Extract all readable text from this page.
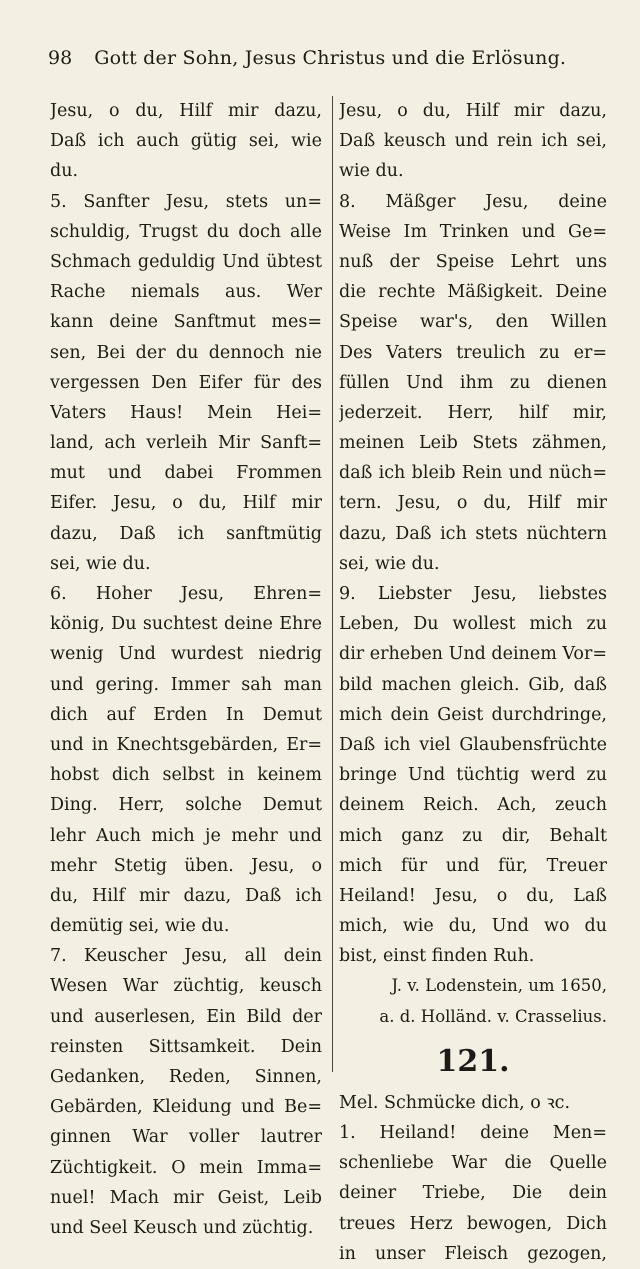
98 Gott der Sohn, Jesus Christus und die Erlösung.
Jesu, o du, Hilf mir dazu,
Daß ich auch gütig sei, wie
du.
5. Sanfter Jesu, stets un=
schuldig, Trugst du doch alle
Schmach geduldig Und übtest
Rache niemals aus. Wer
kann deine Sanftmut mes=
sen, Bei der du dennoch nie
vergessen Den Eifer für des
Vaters Haus! Mein Hei=
land, ach verleih Mir Sanft=
mut und dabei Frommen
Eifer. Jesu, o du, Hilf mir
dazu, Daß ich sanftmütig
sei, wie du.
6. Hoher Jesu, Ehren=
könig, Du suchtest deine Ehre
wenig Und wurdest niedrig
und gering. Immer sah man
dich auf Erden In Demut
und in Knechtsgebärden, Er=
hobst dich selbst in keinem
Ding. Herr, solche Demut
lehr Auch mich je mehr und
mehr Stetig üben. Jesu, o
du, Hilf mir dazu, Daß ich
demütig sei, wie du.
7. Keuscher Jesu, all dein
Wesen War züchtig, keusch
und auserlesen, Ein Bild der
reinsten Sittsamkeit. Dein
Gedanken, Reden, Sinnen,
Gebärden, Kleidung und Be=
ginnen War voller lautrer
Züchtigkeit. O mein Imma=
nuel! Mach mir Geist, Leib
und Seel Keusch und züchtig.
Jesu, o du, Hilf mir dazu,
Daß keusch und rein ich sei,
wie du.
8. Mäßger Jesu, deine
Weise Im Trinken und Ge=
nuß der Speise Lehrt uns
die rechte Mäßigkeit. Deine
Speise war's, den Willen
Des Vaters treulich zu er=
füllen Und ihm zu dienen
jederzeit. Herr, hilf mir,
meinen Leib Stets zähmen,
daß ich bleib Rein und nüch=
tern. Jesu, o du, Hilf mir
dazu, Daß ich stets nüchtern
sei, wie du.
9. Liebster Jesu, liebstes
Leben, Du wollest mich zu
dir erheben Und deinem Vor=
bild machen gleich. Gib, daß
mich dein Geist durchdringe,
Daß ich viel Glaubensfrüchte
bringe Und tüchtig werd zu
deinem Reich. Ach, zeuch
mich ganz zu dir, Behalt
mich für und für, Treuer
Heiland! Jesu, o du, Laß
mich, wie du, Und wo du
bist, einst finden Ruh.
J. v. Lodenstein, um 1650,
a. d. Holländ. v. Crasselius.
121.
Mel. Schmücke dich, o ꝛc.
1. Heiland! deine Men=
schenliebe War die Quelle
deiner Triebe, Die dein
treues Herz bewogen, Dich
in unser Fleisch gezogen,
